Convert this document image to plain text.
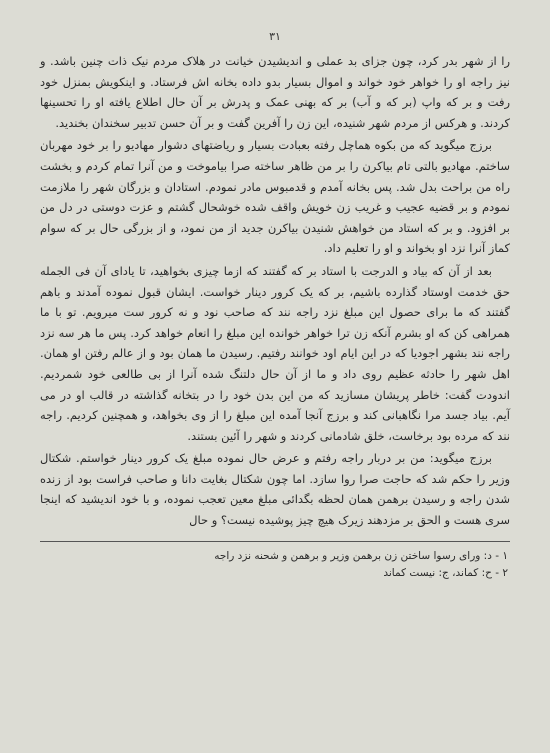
۳۱

را از شهر بدر کرد، چون جزای بد عملی و اندیشیدن خیانت در هلاک مردم نیک ذات چنین باشد. و نیز راجه او را خواهر خود خواند و اموال بسیار بدو داده بخانه اش فرستاد. و اینکویش بمنزل خود رفت و بر که واپ (بر که و آب) بر که بهنی عمک و پدرش بر آن حال اطلاع یافته او را تحسینها کردند. و هرکس از مردم شهر شنیده، این زن را آفرین گفت و بر آن حسن تدبیر سخندان بخندید.

برزج میگوید که من بکوه هماچل رفته بعبادت بسیار و ریاضتهای دشوار مهادیو را بر خود مهربان ساختم. مهادیو بالتی تام بیاکرن را بر من ظاهر ساخته صرا بیاموخت و من آنرا تمام کردم و بخشت راه من براحت بدل شد. پس بخانه آمدم و قدمبوس مادر نمودم. استادان و بزرگان شهر را ملازمت نمودم و بر قضیه عجیب و غریب زن خویش واقف شده خوشحال گشتم و عزت دوستی در دل من بر افزود. و بر که استاد من خواهش شنیدن بیاکرن جدید از من نمود، و از بزرگی حال بر که سوام کماز آنرا نزد او بخواند و او را تعلیم داد.

بعد از آن که بیاد و الدرجت با استاد بر که گفتند که ازما چیزی بخواهید، تا یادای آن فی الجمله حق خدمت اوستاد گذارده باشیم، بر که یک کرور دینار خواست. ایشان قبول نموده آمدند و باهم گفتند که ما برای حصول این مبلغ نزد راجه نند که صاحب نود و نه کرور ست میرویم. تو با ما همراهی کن که او بشرم آنکه زن ترا خواهر خوانده این مبلغ را انعام خواهد کرد. پس ما هر سه نزد راجه نند بشهر اجودیا که در این ایام اود خوانند رفتیم. رسیدن ما همان بود و از عالم رفتن او همان. اهل شهر را حادثه عظیم روی داد و ما از آن حال دلتنگ شده آنرا از بی طالعی خود شمردیم. اندودت گفت: خاطر پریشان مسازید که من این بدن خود را در بتخانه گذاشته در قالب او در می آیم. بیاد جسد مرا نگاهبانی کند و برزج آنجا آمده این مبلغ را از وی بخواهد، و همچنین کردیم. راجه نند که مرده بود برخاست، خلق شادمانی کردند و شهر را آئین بستند.

برزج میگوید: من بر دربار راجه رفتم و عرض حال نموده مبلغ یک کرور دینار خواستم. شکتال وزیر را حکم شد که حاجت صرا روا سازد. اما چون شکتال بغایت دانا و صاحب فراست بود از زنده شدن راجه و رسیدن برهمن همان لحظه بگدائی مبلغ معین تعجب نموده، و با خود اندیشید که اینجا سری هست و الحق بر مزدهند زیرک هیچ چیز پوشیده نیست؟ و حال

۱ - د: ورای رسوا ساختن زن برهمن وزیر و برهمن و شحنه نزد راجه

۲ - ح: کماند، ج: نیست کماند
